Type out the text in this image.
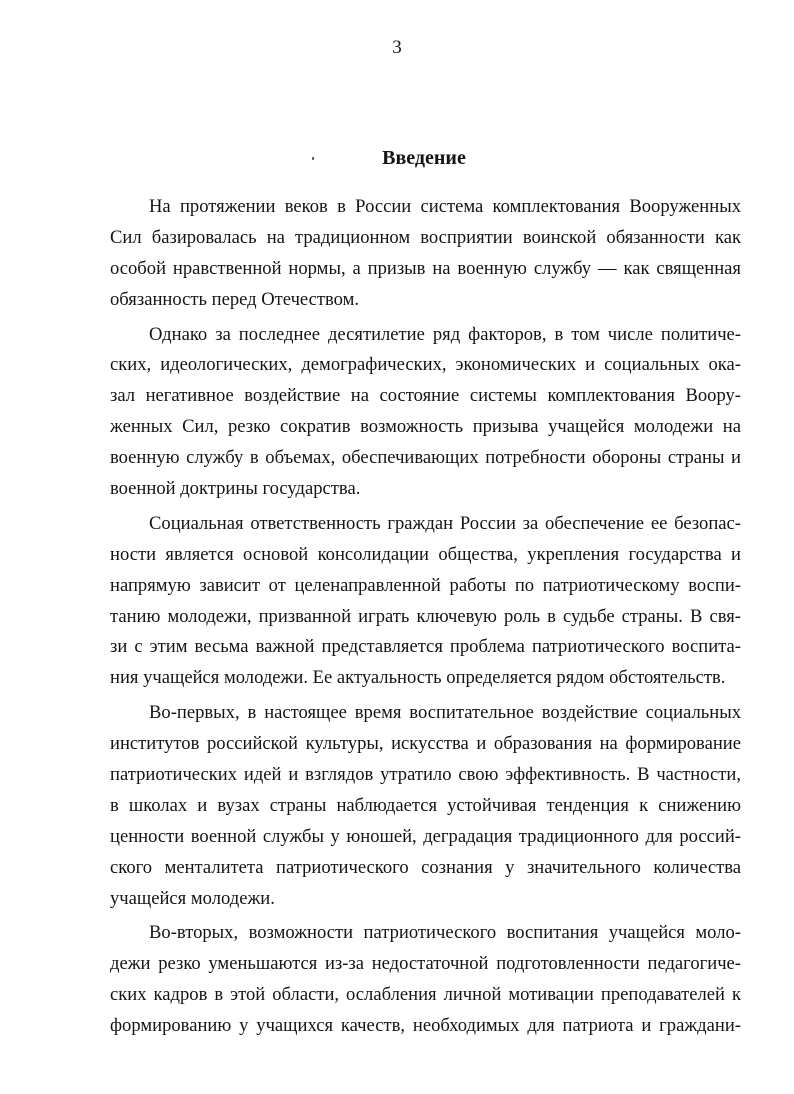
3
Введение

На протяжении веков в России система комплектования Вооруженных
Сил базировалась на традиционном восприятии воинской обязанности как
особой нравственной нормы, а призыв на военную службу — как священная
обязанность перед Отечеством.

Однако за последнее десятилетие ряд факторов, в том числе политиче-
ских, идеологических, демографических, экономических и социальных ока-
зал негативное воздействие на состояние системы комплектования Воору-
женных Сил, резко сократив возможность призыва учащейся молодежи на
военную службу в объемах, обеспечивающих потребности обороны страны и
военной доктрины государства.

Социальная ответственность граждан России за обеспечение ее безопас-
ности является основой консолидации общества, укрепления государства и
напрямую зависит от целенаправленной работы по патриотическому воспи-
танию молодежи, призванной играть ключевую роль в судьбе страны. В свя-
зи с этим весьма важной представляется проблема патриотического воспита-
ния учащейся молодежи. Ее актуальность определяется рядом обстоятельств.

Во-первых, в настоящее время воспитательное воздействие социальных
институтов российской культуры, искусства и образования на формирование
патриотических идей и взглядов утратило свою эффективность. В частности,
в школах и вузах страны наблюдается устойчивая тенденция к снижению
ценности военной службы у юношей, деградация традиционного для россий-
ского менталитета патриотического сознания у значительного количества
учащейся молодежи.

Во-вторых, возможности патриотического воспитания учащейся моло-
дежи резко уменьшаются из-за недостаточной подготовленности педагогиче-
ских кадров в этой области, ослабления личной мотивации преподавателей к
формированию у учащихся качеств, необходимых для патриота и граждани-
